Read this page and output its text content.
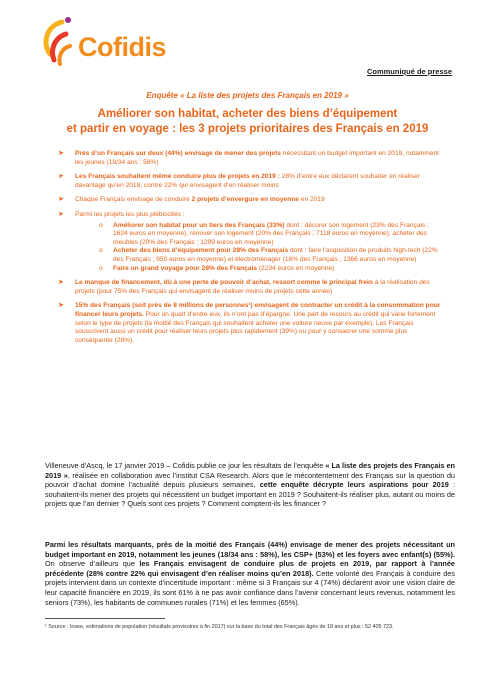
Cofidis
Communiqué de presse
Enquête « La liste des projets des Français en 2019 »
Améliorer son habitat, acheter des biens d’équipement
et partir en voyage : les 3 projets prioritaires des Français en 2019
➤ Près d’un Français sur deux (44%) envisage de mener des projets nécessitant un budget important en 2019, notamment les jeunes (18/34 ans : 58%)
➤ Les Français souhaitent même conduire plus de projets en 2019 : 28% d’entre eux déclarent souhaiter en réaliser davantage qu’en 2018, contre 22% qui envisagent d’en réaliser moins
➤ Chaque Français envisage de conduire 2 projets d’envergure en moyenne en 2019
➤ Parmi les projets les plus plébiscités :
o Améliorer son habitat pour un tiers des Français (33%) dont : décorer son logement (23% des Français ; 1624 euros en moyenne), rénover son logement (20% des Français ; 7118 euros en moyenne), acheter des meubles (20% des Français ; 1299 euros en moyenne)
o Acheter des biens d’équipement pour 28% des Français dont : faire l’acquisition de produits high-tech (22% des Français ; 950 euros en moyenne) et électroménager (18% des Français ; 1366 euros en moyenne)
o Faire un grand voyage pour 28% des Français (2234 euros en moyenne)
➤ Le manque de financement, dû à une perte de pouvoir d’achat, ressort comme le principal frein à la réalisation des projets (pour 75% des Français qui envisagent de réaliser moins de projets cette année)
➤ 15% des Français (soit près de 8 millions de personnes¹) envisagent de contracter un crédit à la consommation pour financer leurs projets. Pour un quart d’entre eux, ils n’ont pas d’épargne. Une part de recours au crédit qui varie fortement selon le type de projets (la moitié des Français qui souhaitent acheter une voiture neuve par exemple). Les Français souscrivent aussi un crédit pour réaliser leurs projets plus rapidement (39%) ou pour y consacrer une somme plus conséquente (28%).
Villeneuve d’Ascq, le 17 janvier 2019 – Cofidis publie ce jour les résultats de l’enquête « La liste des projets des Français en 2019 », réalisée en collaboration avec l’institut CSA Research. Alors que le mécontentement des Français sur la question du pouvoir d’achat domine l’actualité depuis plusieurs semaines, cette enquête décrypte leurs aspirations pour 2019 : souhaitent-ils mener des projets qui nécessitent un budget important en 2019 ? Souhaitent-ils réaliser plus, autant ou moins de projets que l’an dernier ? Quels sont ces projets ? Comment comptent-ils les financer ?
Parmi les résultats marquants, près de la moitié des Français (44%) envisage de mener des projets nécessitant un budget important en 2019, notamment les jeunes (18/34 ans : 58%), les CSP+ (53%) et les foyers avec enfant(s) (55%). On observe d’ailleurs que les Français envisagent de conduire plus de projets en 2019, par rapport à l’année précédente (28% contre 22% qui envisagent d’en réaliser moins qu’en 2018). Cette volonté des Français à conduire des projets intervient dans un contexte d’incertitude important : même si 3 Français sur 4 (74%) déclarent avoir une vision claire de leur capacité financière en 2019, ils sont 61% à ne pas avoir confiance dans l’avenir concernant leurs revenus, notamment les seniors (73%), les habitants de communes rurales (71%) et les femmes (65%).
¹ Source : Insee, estimations de population (résultats provisoires à fin 2017) sur la base du total des Français âgés de 18 ans et plus : 52 405 723.
